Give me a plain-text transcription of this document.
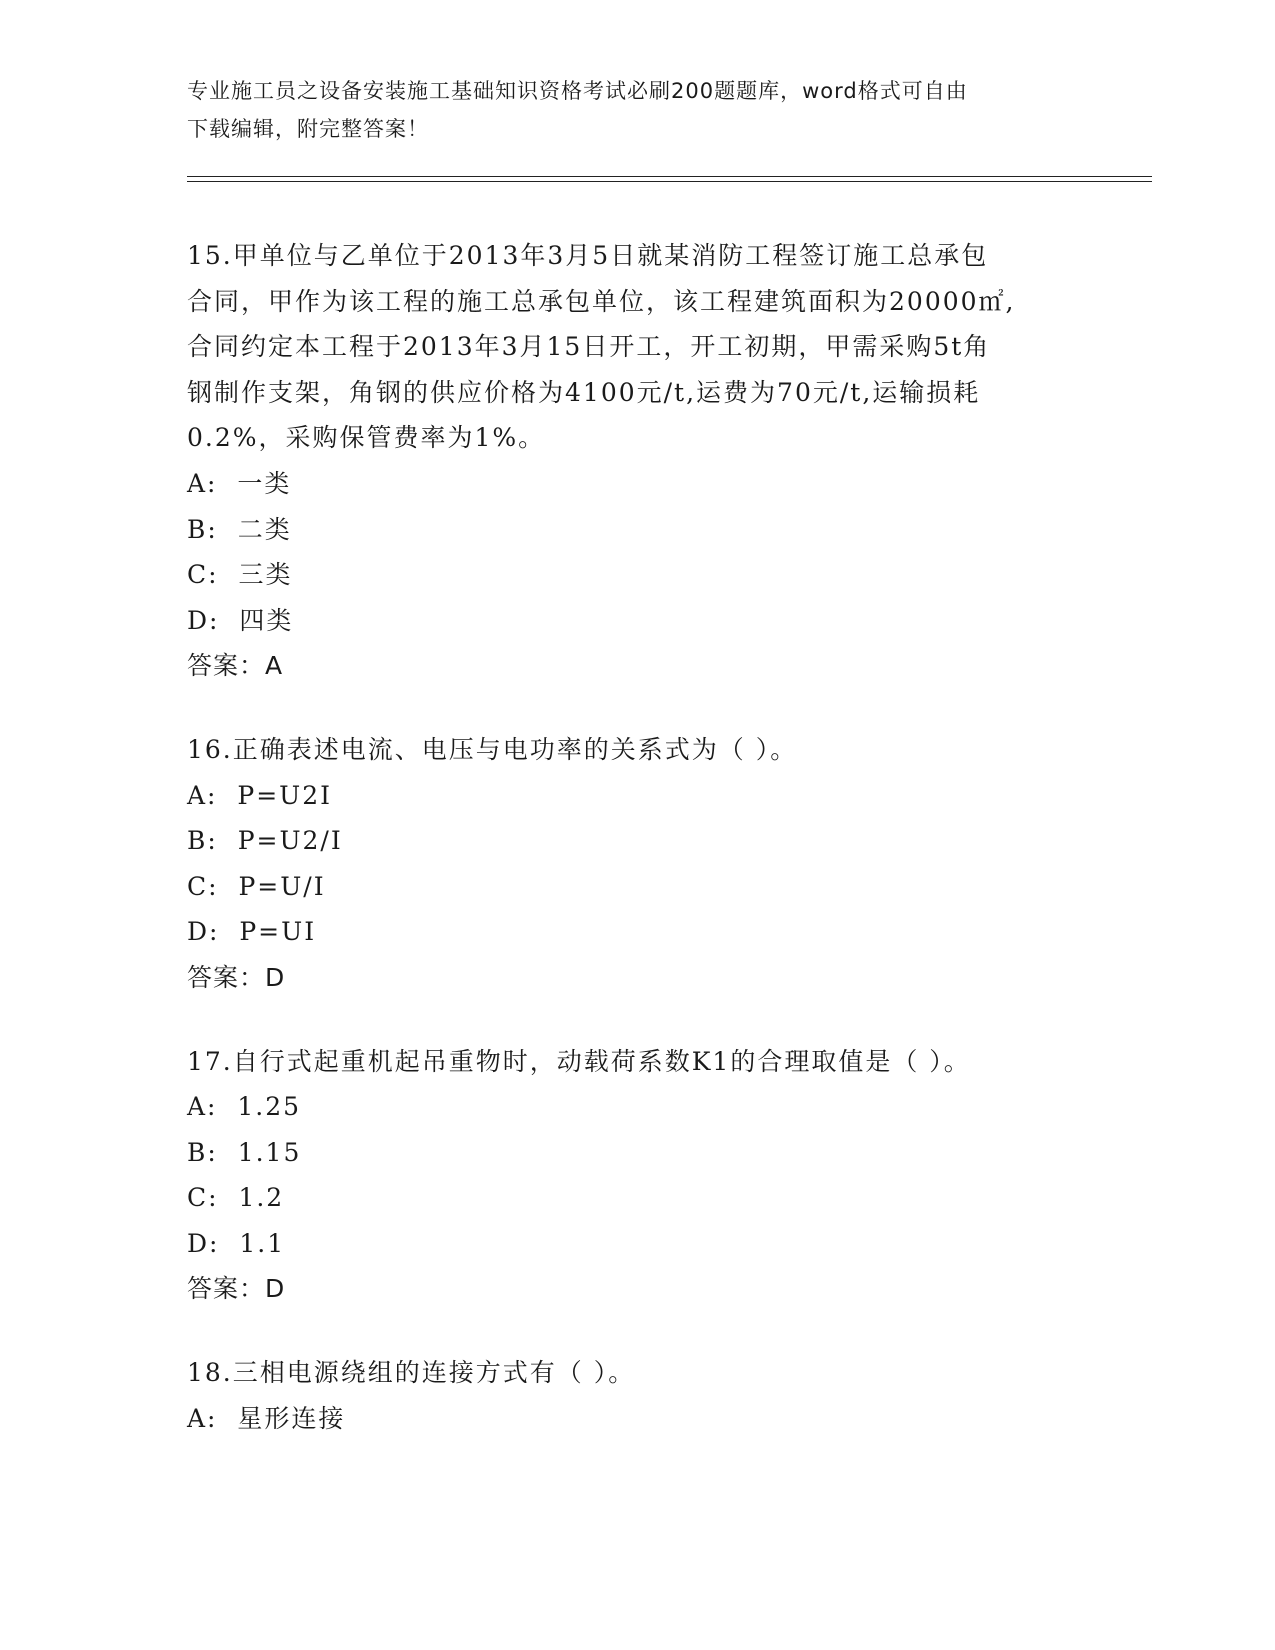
专业施工员之设备安装施工基础知识资格考试必刷200题题库，word格式可自由
下载编辑，附完整答案！

15.甲单位与乙单位于2013年3月5日就某消防工程签订施工总承包

合同，甲作为该工程的施工总承包单位，该工程建筑面积为20000㎡,

合同约定本工程于2013年3月15日开工，开工初期，甲需采购5t角

钢制作支架，角钢的供应价格为4100元/t,运费为70元/t,运输损耗

0.2%，采购保管费率为1%。

A:  一类

B:  二类

C:  三类

D:  四类

答案：A

16.正确表述电流、电压与电功率的关系式为（ ）。

A:  P=U2I

B:  P=U2/I

C:  P=U/I

D:  P=UI

答案：D

17.自行式起重机起吊重物时，动载荷系数K1的合理取值是（ ）。

A:  1.25

B:  1.15

C:  1.2

D:  1.1

答案：D

18.三相电源绕组的连接方式有（ ）。

A:  星形连接
